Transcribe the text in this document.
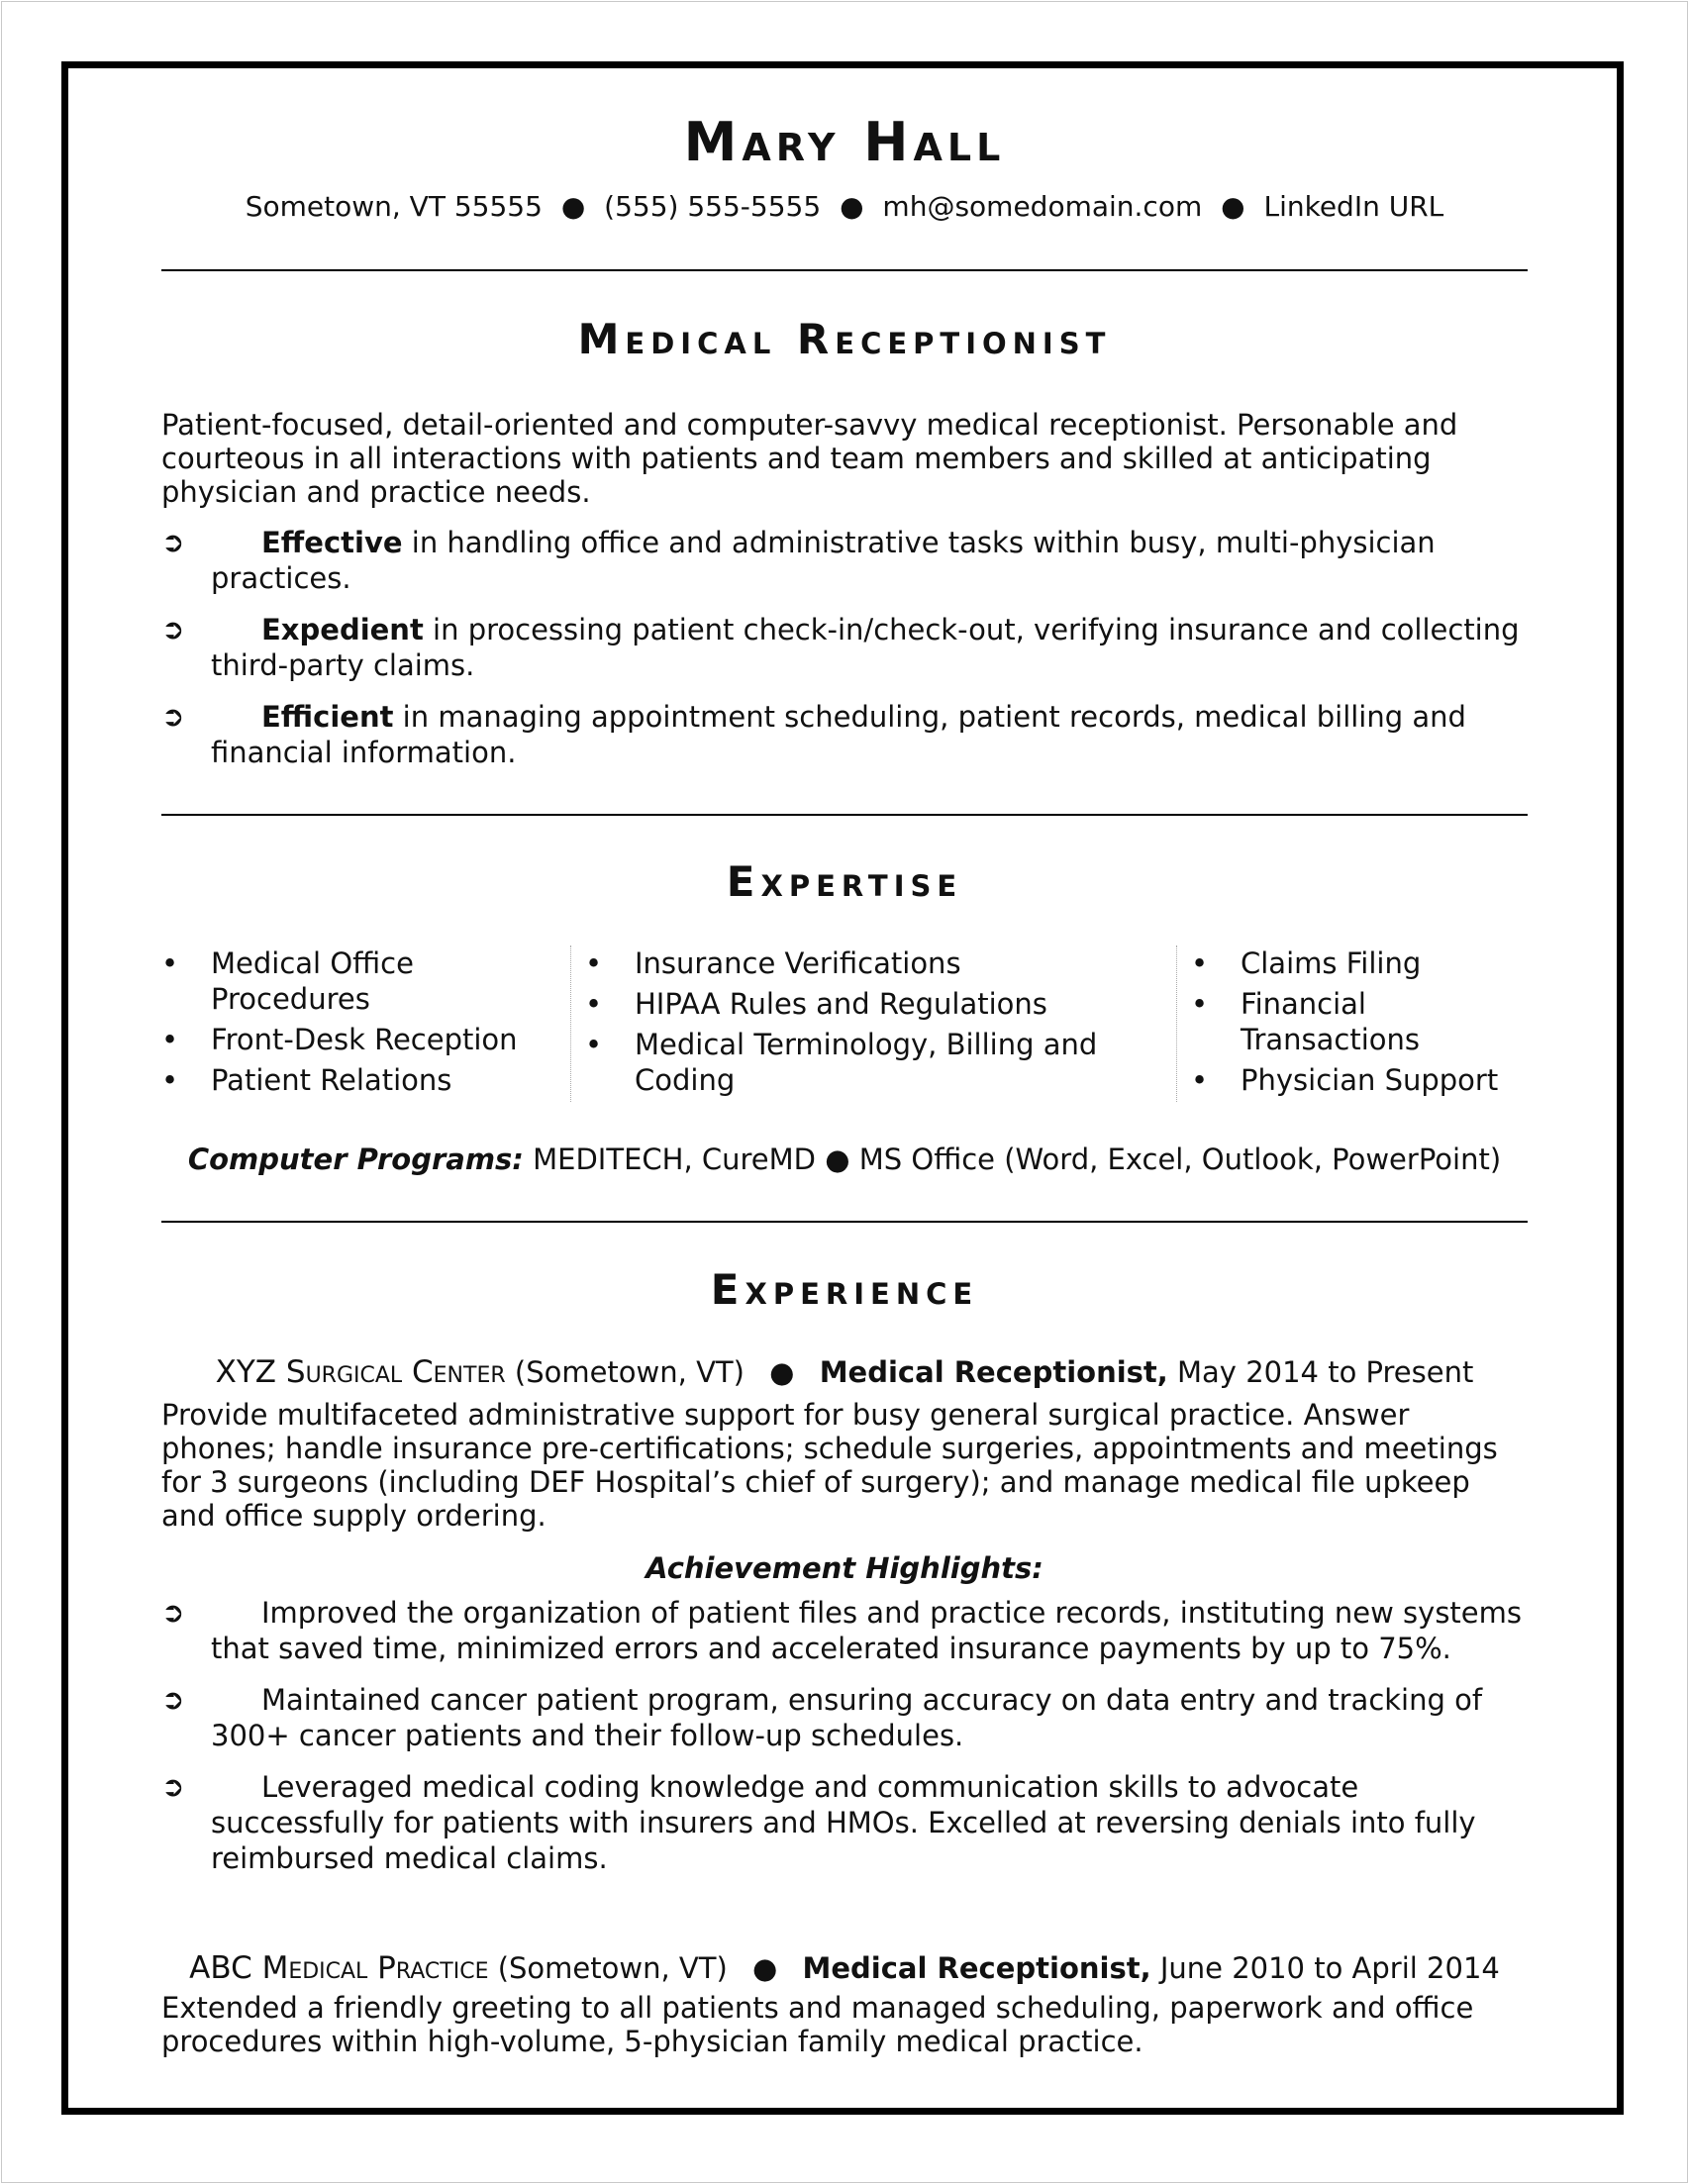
Mary Hall
Sometown, VT 55555 ● (555) 555-5555 ● mh@somedomain.com ● LinkedIn URL
Medical Receptionist
Patient-focused, detail-oriented and computer-savvy medical receptionist. Personable and courteous in all interactions with patients and team members and skilled at anticipating physician and practice needs.
➲	Effective in handling office and administrative tasks within busy, multi-physician practices.
➲	Expedient in processing patient check-in/check-out, verifying insurance and collecting third-party claims.
➲	Efficient in managing appointment scheduling, patient records, medical billing and financial information.
Expertise
• Medical Office Procedures
• Front-Desk Reception
• Patient Relations
• Insurance Verifications
• HIPAA Rules and Regulations
• Medical Terminology, Billing and Coding
• Claims Filing
• Financial Transactions
• Physician Support
Computer Programs: MEDITECH, CureMD ● MS Office (Word, Excel, Outlook, PowerPoint)
Experience
XYZ Surgical Center (Sometown, VT) ● Medical Receptionist, May 2014 to Present
Provide multifaceted administrative support for busy general surgical practice. Answer phones; handle insurance pre-certifications; schedule surgeries, appointments and meetings for 3 surgeons (including DEF Hospital’s chief of surgery); and manage medical file upkeep and office supply ordering.
Achievement Highlights:
➲	Improved the organization of patient files and practice records, instituting new systems that saved time, minimized errors and accelerated insurance payments by up to 75%.
➲	Maintained cancer patient program, ensuring accuracy on data entry and tracking of 300+ cancer patients and their follow-up schedules.
➲	Leveraged medical coding knowledge and communication skills to advocate successfully for patients with insurers and HMOs. Excelled at reversing denials into fully reimbursed medical claims.
ABC Medical Practice (Sometown, VT) ● Medical Receptionist, June 2010 to April 2014
Extended a friendly greeting to all patients and managed scheduling, paperwork and office procedures within high-volume, 5-physician family medical practice.
